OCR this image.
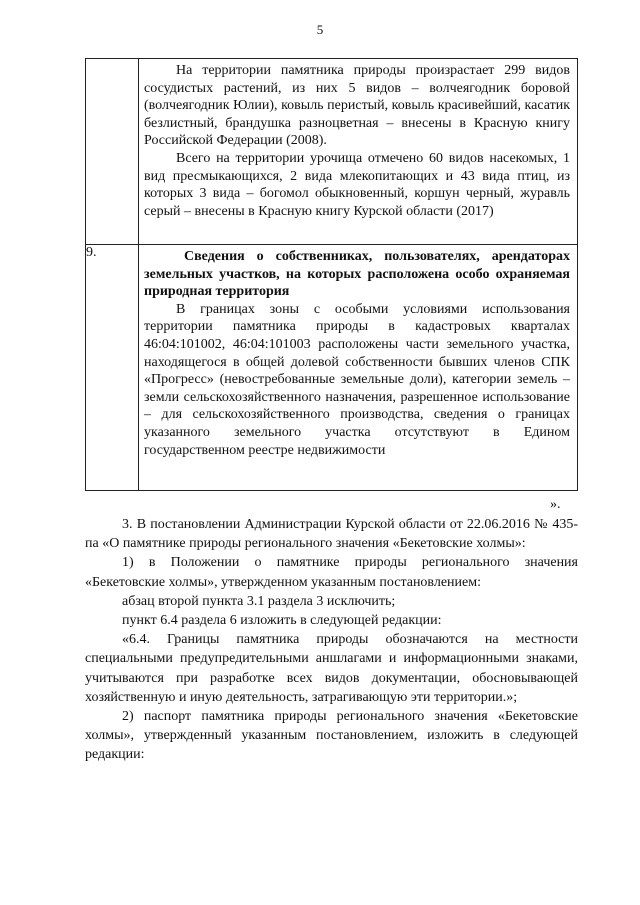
5

	На территории памятника природы произрастает 299 видов сосудистых растений, из них 5 видов – волчеягодник боровой (волчеягодник Юлии), ковыль перистый, ковыль красивейший, касатик безлистный, брандушка разноцветная – внесены в Красную книгу Российской Федерации (2008).

Всего на территории урочища отмечено 60 видов насекомых, 1 вид пресмыкающихся, 2 вида млекопитающих и 43 вида птиц, из которых 3 вида – богомол обыкновенный, коршун черный, журавль серый – внесены в Красную книгу Курской области (2017)

9.	Сведения о собственниках, пользователях, арендаторах земельных участков, на которых расположена особо охраняемая природная территория

В границах зоны с особыми условиями использования территории памятника природы в кадастровых кварталах 46:04:101002, 46:04:101003 расположены части земельного участка, находящегося в общей долевой собственности бывших членов СПК «Прогресс» (невостребованные земельные доли), категории земель – земли сельскохозяйственного назначения, разрешенное использование – для сельскохозяйственного производства, сведения о границах указанного земельного участка отсутствуют в Едином государственном реестре недвижимости

».

3. В постановлении Администрации Курской области от 22.06.2016 № 435-па «О памятнике природы регионального значения «Бекетовские холмы»:

1) в Положении о памятнике природы регионального значения «Бекетовские холмы», утвержденном указанным постановлением:

абзац второй пункта 3.1 раздела 3 исключить;

пункт 6.4 раздела 6 изложить в следующей редакции:

«6.4. Границы памятника природы обозначаются на местности специальными предупредительными аншлагами и информационными знаками, учитываются при разработке всех видов документации, обосновывающей хозяйственную и иную деятельность, затрагивающую эти территории.»;

2) паспорт памятника природы регионального значения «Бекетовские холмы», утвержденный указанным постановлением, изложить в следующей редакции:
